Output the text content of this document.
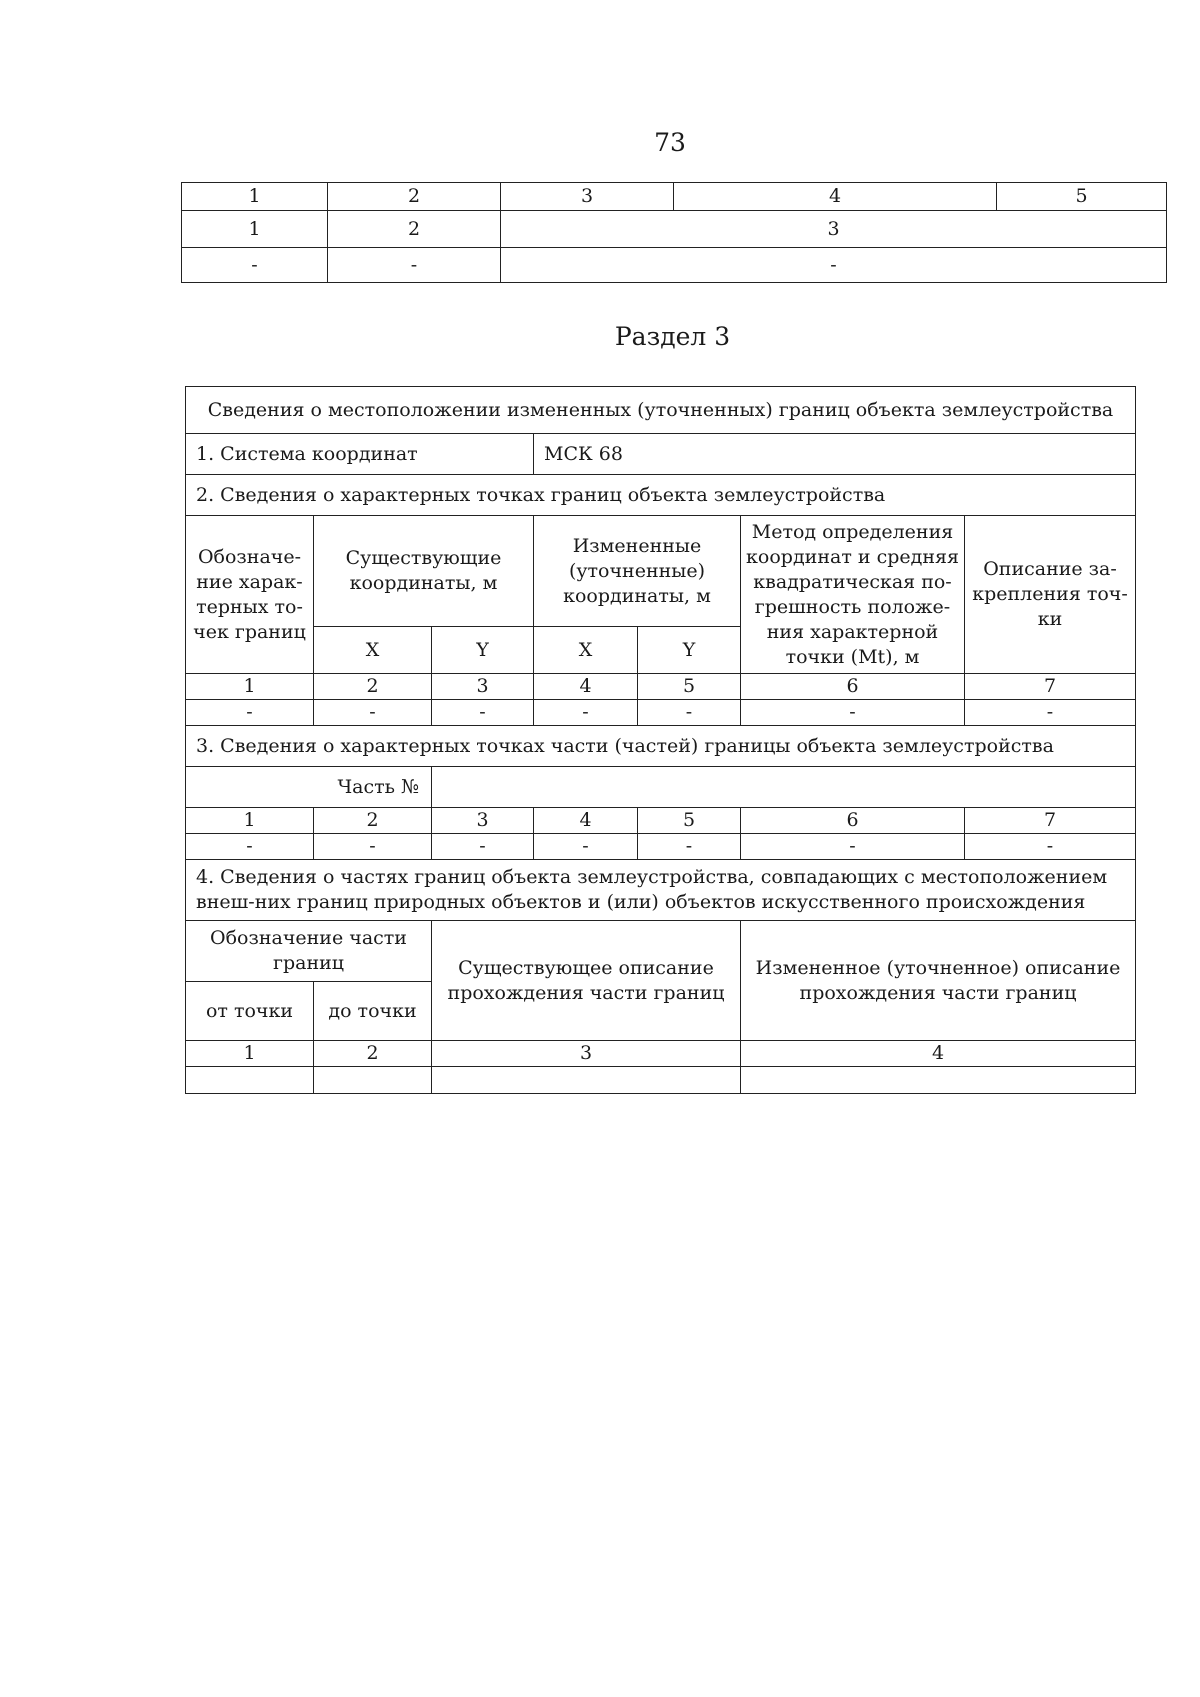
73
1	2	3	4	5
1	2	3		
-	-	-		
Раздел 3
Сведения о местоположении измененных (уточненных) границ объекта землеустройства						
1. Система координат			МСК 68			
2. Сведения о характерных точках границ объекта землеустройства						
Обозначе-ние харак-терных то-чек границ	Существующие координаты, м		Измененные (уточненные) координаты, м		Метод определения координат и средняя квадратическая по-грешность положе-ния характерной точки (Mt), м	Описание за-крепления точ-ки
	X	Y	X	Y		
1	2	3	4	5	6	7
-	-	-	-	-	-	-
3. Сведения о характерных точках части (частей) границы объекта землеустройства						
Часть №						
1	2	3	4	5	6	7
-	-	-	-	-	-	-
4. Сведения о частях границ объекта землеустройства, совпадающих с местоположением внеш-них границ природных объектов и (или) объектов искусственного происхождения						
Обозначение части границ		Существующее описание прохождения части границ			Измененное (уточненное) описание прохождения части границ	
от точки	до точки					
1	2	3			4	
